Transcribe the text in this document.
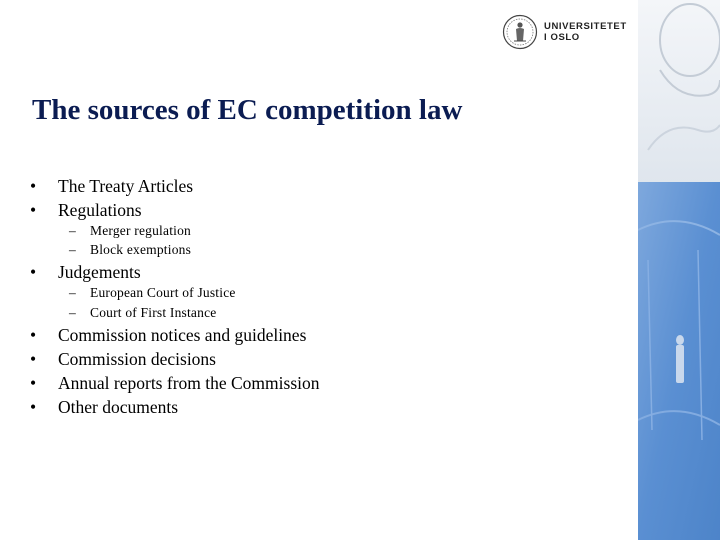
UNIVERSITETET
I OSLO
The sources of EC competition law
• The Treaty Articles
• Regulations
– Merger regulation
– Block exemptions
• Judgements
– European Court of Justice
– Court of First Instance
• Commission notices and guidelines
• Commission decisions
• Annual reports from the Commission
• Other documents
